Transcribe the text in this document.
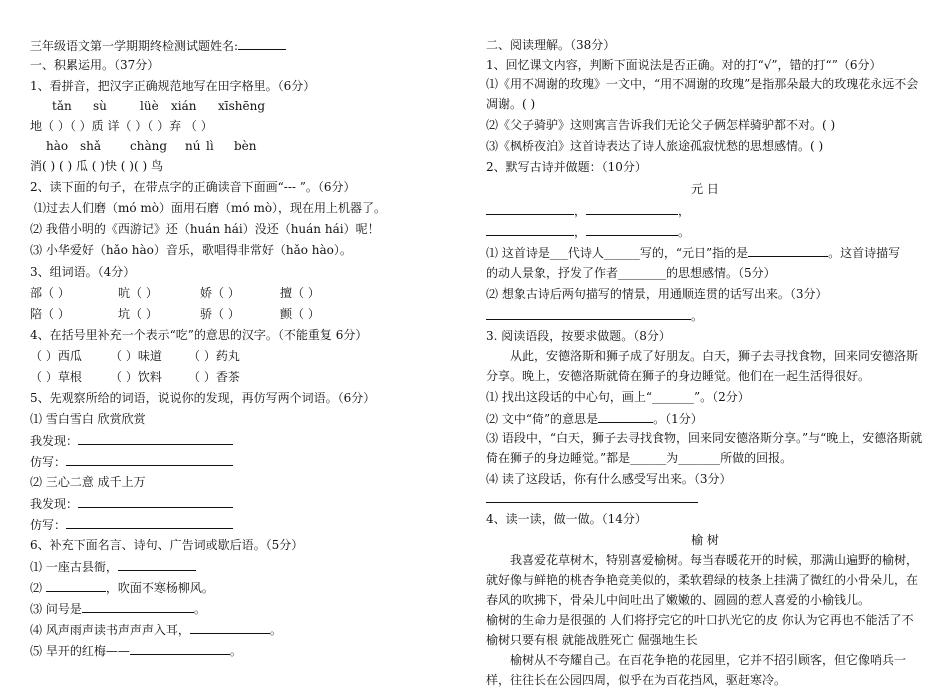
三年级语文第一学期期终检测试题姓名:
一、积累运用。（37分）
1、看拼音，把汉字正确规范地写在田字格里。（6分）
tǎn sù	lüè xián xīshēng
地（ ）（ ）质 详（ ）（ ）弃 （ ）
hào shǎ chàng nú lì bèn
消( ) ( ) 瓜 ( )快 ( )( ) 鸟
2、读下面的句子，在带点字的正确读音下面画“--- ”。（6分）
⑴过去人们磨（mó mò）面用石磨（mó mò），现在用上机器了。
⑵ 我借小明的《西游记》还（huán hái）没还（huán hái）呢！
⑶ 小华爱好（hǎo hào）音乐，歌唱得非常好（hǎo hào）。
3、组词语。（4分）
部（ ）	吭（ ）	娇（ ）	擅（ ）
陪（ ）	坑（ ）	骄（ ）	颤（ ）
4、在括号里补充一个表示“吃”的意思的汉字。（不能重复 6分）
（ ）西瓜 （ ）味道 （ ）药丸
（ ）草根 （ ）饮料 （ ）香茶
5、先观察所给的词语，说说你的发现，再仿写两个词语。（6分）
⑴ 雪白雪白 欣赏欣赏
我发现：
仿写：
⑵ 三心二意 成千上万
我发现：
仿写：
6、补充下面名言、诗句、广告词或歇后语。（5分）
⑴ 一座古县衙，
⑵	，吹面不寒杨柳风。
⑶ 问号是	。
⑷ 风声雨声读书声声声入耳，	。
⑸ 旱开的红梅——	。
二、阅读理解。（38分）
1、回忆课文内容，判断下面说法是否正确。对的打“√”，错的打“”（6分）
⑴《用不凋谢的玫瑰》一文中，“用不凋谢的玫瑰”是指那朵最大的玫瑰花永远不会凋谢。( )
⑵《父子骑驴》这则寓言告诉我们无论父子俩怎样骑驴都不对。( )
⑶《枫桥夜泊》这首诗表达了诗人旅途孤寂忧愁的思想感情。( )
2、默写古诗并做题：（10分）
元 日
，	，
，	。
⑴ 这首诗是___代诗人______写的，“元日”指的是	。这首诗描写
的动人景象，抒发了作者________的思想感情。（5分）
⑵ 想象古诗后两句描写的情景，用通顺连贯的话写出来。（3分）
。
3. 阅读语段，按要求做题。（8分）
从此，安德洛斯和狮子成了好朋友。白天，狮子去寻找食物，回来同安德洛斯分享。晚上，安德洛斯就倚在狮子的身边睡觉。他们在一起生活得很好。
⑴ 找出这段话的中心句，画上“_______”。（2分）
⑵ 文中“倚”的意思是	。（1分）
⑶ 语段中，“白天，狮子去寻找食物，回来同安德洛斯分享。”与“晚上，安德洛斯就倚在狮子的身边睡觉。”都是______为_______所做的回报。
⑷ 读了这段话，你有什么感受写出来。（3分）
4、读一读，做一做。（14分）
榆 树
我喜爱花草树木，特别喜爱榆树。每当春暖花开的时候，那满山遍野的榆树，就好像与鲜艳的桃杏争艳竞美似的，柔软碧绿的枝条上挂满了微红的小骨朵儿，在春风的吹拂下，骨朵儿中间吐出了嫩嫩的、圆圆的惹人喜爱的小榆钱儿。
榆树的生命力是很强的 人们将抒完它的叶口扒光它的皮 你认为它再也不能活了不 榆树只要有根 就能战胜死亡 倔强地生长
榆树从不夸耀自己。在百花争艳的花园里，它并不招引顾客，但它像哨兵一样，往往长在公园四周，似乎在为百花挡风，驱赶寒冷。
